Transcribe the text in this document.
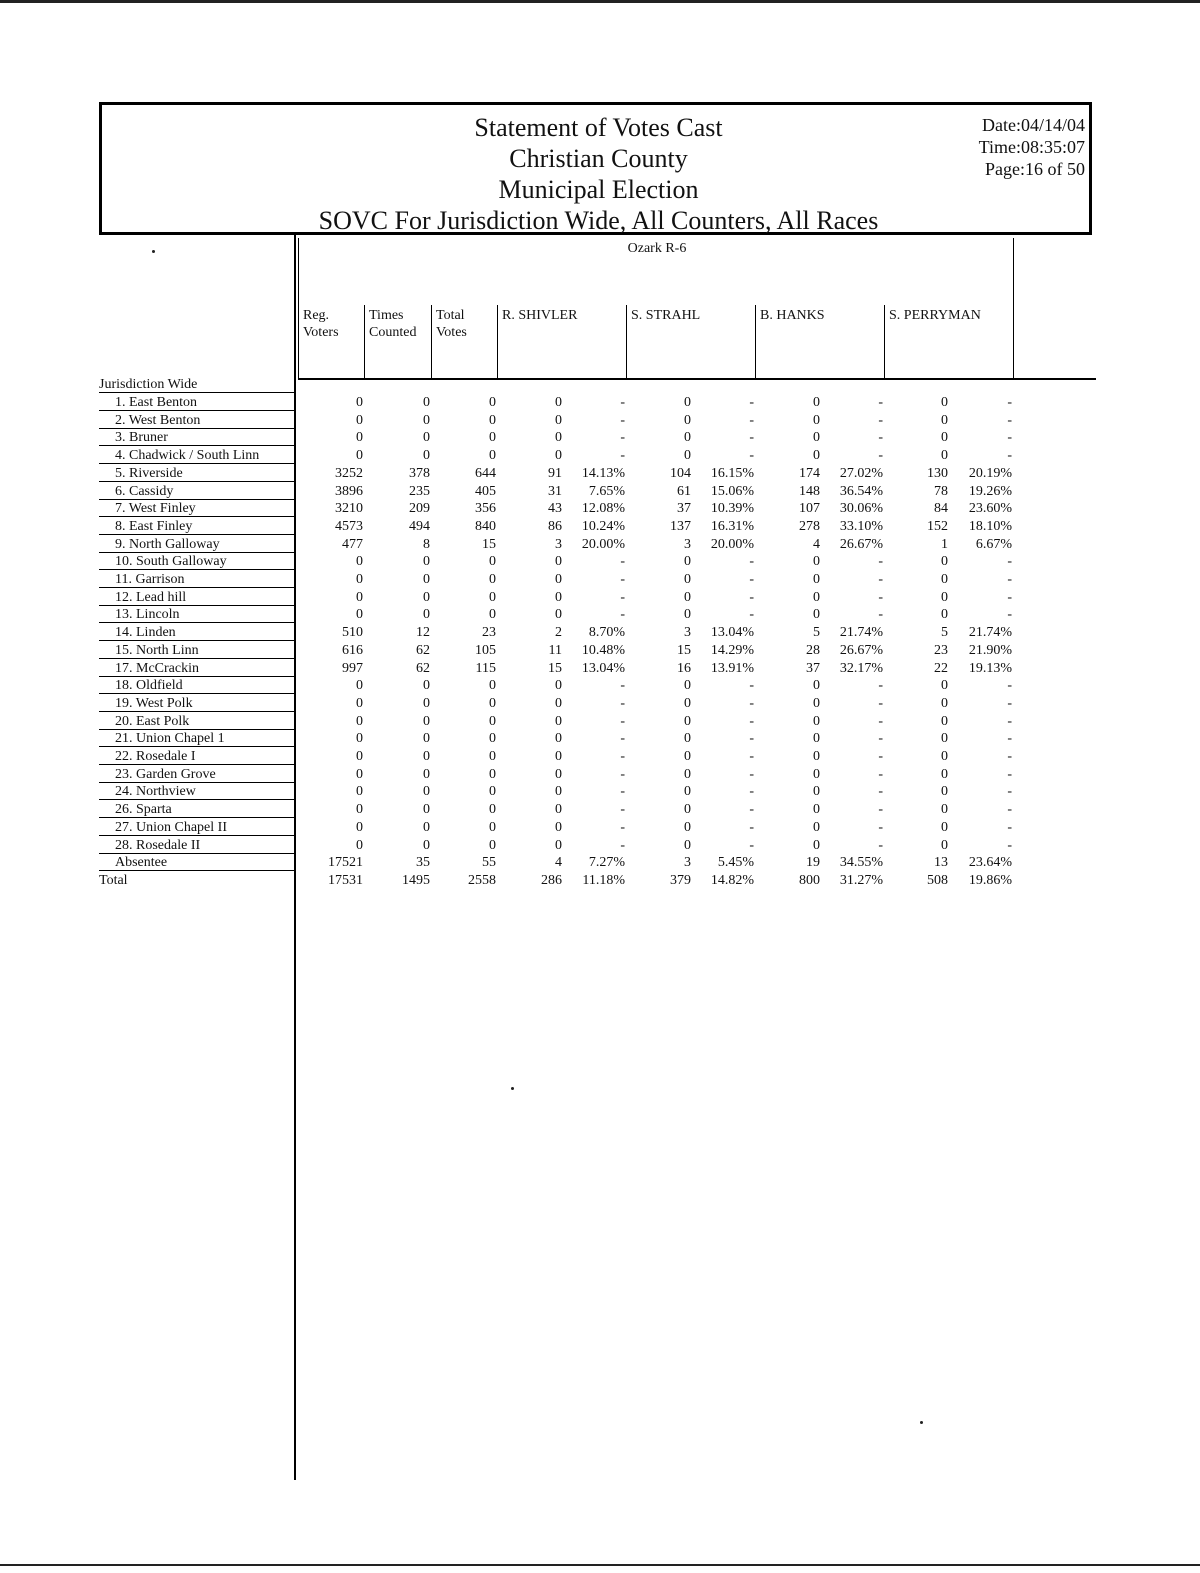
Statement of Votes Cast
Christian County
Municipal Election
SOVC For Jurisdiction Wide, All Counters, All Races
Date:04/14/04
Time:08:35:07
Page:16 of 50
Ozark R-6
Reg.
Voters
Times
Counted
Total
Votes
R. SHIVLER	S. STRAHL	B. HANKS	S. PERRYMAN
Jurisdiction Wide
1. East Benton	0	0	0	0	-	0	-	0	-	0	-
2. West Benton	0	0	0	0	-	0	-	0	-	0	-
3. Bruner	0	0	0	0	-	0	-	0	-	0	-
4. Chadwick / South Linn	0	0	0	0	-	0	-	0	-	0	-
5. Riverside	3252	378	644	91 14.13%	104 16.15%	174 27.02%	130 20.19%
6. Cassidy	3896	235	405	31 7.65%	61 15.06%	148 36.54%	78 19.26%
7. West Finley	3210	209	356	43 12.08%	37 10.39%	107 30.06%	84 23.60%
8. East Finley	4573	494	840	86 10.24%	137 16.31%	278 33.10%	152 18.10%
9. North Galloway	477	8	15	3 20.00%	3 20.00%	4 26.67%	1 6.67%
10. South Galloway	0	0	0	0	-	0	-	0	-	0	-
11. Garrison	0	0	0	0	-	0	-	0	-	0	-
12. Lead hill	0	0	0	0	-	0	-	0	-	0	-
13. Lincoln	0	0	0	0	-	0	-	0	-	0	-
14. Linden	510	12	23	2 8.70%	3 13.04%	5 21.74%	5 21.74%
15. North Linn	616	62	105	11 10.48%	15 14.29%	28 26.67%	23 21.90%
17. McCrackin	997	62	115	15 13.04%	16 13.91%	37 32.17%	22 19.13%
18. Oldfield	0	0	0	0	-	0	-	0	-	0	-
19. West Polk	0	0	0	0	-	0	-	0	-	0	-
20. East Polk	0	0	0	0	-	0	-	0	-	0	-
21. Union Chapel 1	0	0	0	0	-	0	-	0	-	0	-
22. Rosedale I	0	0	0	0	-	0	-	0	-	0	-
23. Garden Grove	0	0	0	0	-	0	-	0	-	0	-
24. Northview	0	0	0	0	-	0	-	0	-	0	-
26. Sparta	0	0	0	0	-	0	-	0	-	0	-
27. Union Chapel II	0	0	0	0	-	0	-	0	-	0	-
28. Rosedale II	0	0	0	0	-	0	-	0	-	0	-
Absentee	17521	35	55	4 7.27%	3 5.45%	19 34.55%	13 23.64%
Total	17531	1495	2558	286 11.18%	379 14.82%	800 31.27%	508 19.86%
